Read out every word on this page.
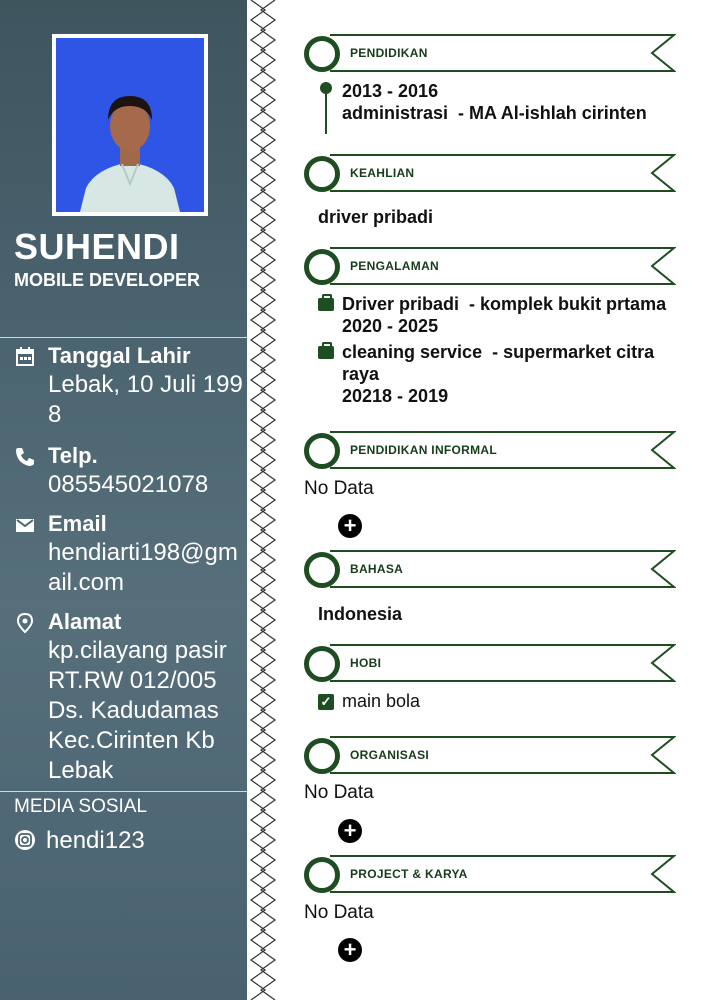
SUHENDI
MOBILE DEVELOPER
Tanggal Lahir
Lebak, 10 Juli 1998
Telp.
085545021078
Email
hendiarti198@gmail.com
Alamat
kp.cilayang pasir RT.RW 012/005 Ds. Kadudamas Kec.Cirinten Kb Lebak
MEDIA SOSIAL
hendi123
PENDIDIKAN
2013 - 2016
administrasi  - MA Al-ishlah cirinten
KEAHLIAN
driver pribadi
PENGALAMAN
Driver pribadi  - komplek bukit prtama
2020 - 2025
cleaning service  - supermarket citra
raya
20218 - 2019
PENDIDIKAN INFORMAL
No Data
+
BAHASA
Indonesia
HOBI
✓ main bola
ORGANISASI
No Data
+
PROJECT & KARYA
No Data
+
